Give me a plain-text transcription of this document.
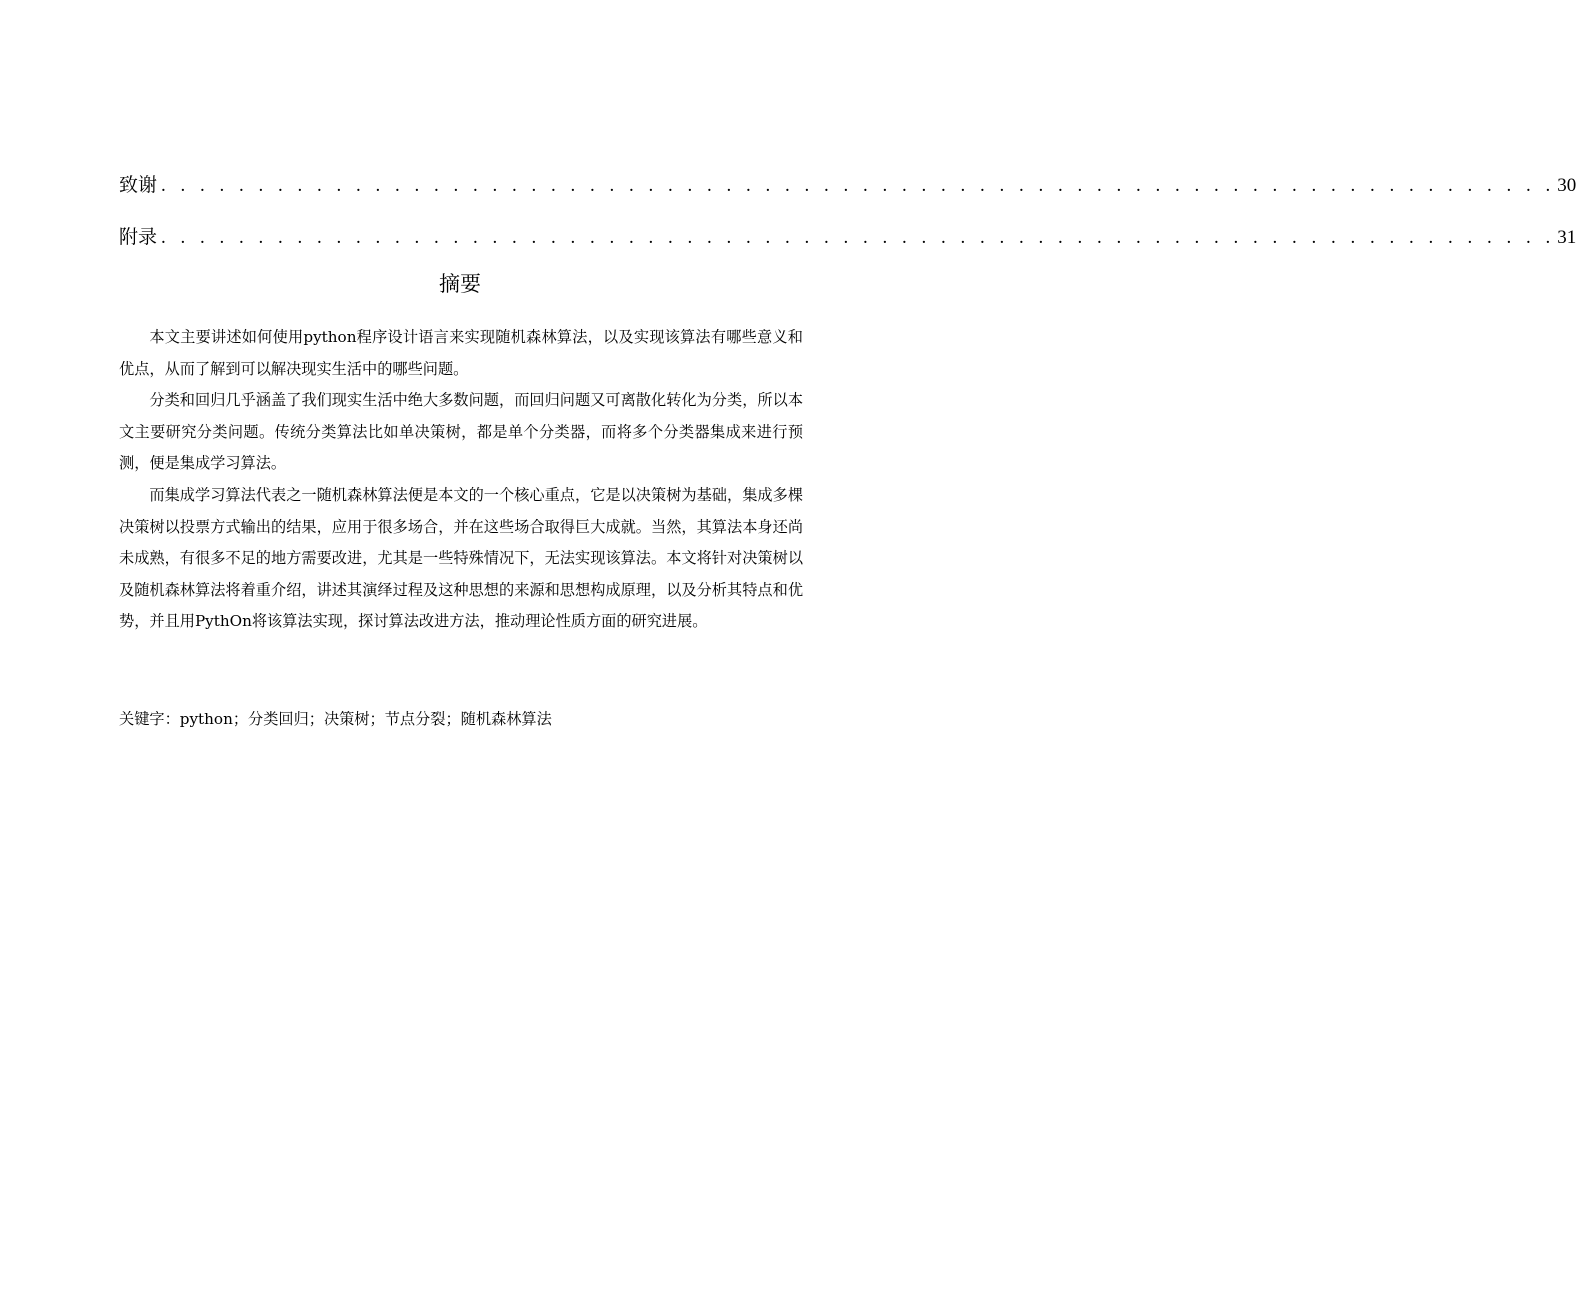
致谢 . . . . . . . . . . . . . . . . . . . . . . . . . . . . . . . . . . . . . . . . . . . . . . . . . . . . . . . . . . . . . . . . . . . . . . . . 30
附录 . . . . . . . . . . . . . . . . . . . . . . . . . . . . . . . . . . . . . . . . . . . . . . . . . . . . . . . . . . . . . . . . . . . . . . . . 31
摘要

本文主要讲述如何使用python程序设计语言来实现随机森林算法，以及实现该算法有哪些意义和优点，从而了解到可以解决现实生活中的哪些问题。

分类和回归几乎涵盖了我们现实生活中绝大多数问题，而回归问题又可离散化转化为分类，所以本文主要研究分类问题。传统分类算法比如单决策树，都是单个分类器，而将多个分类器集成来进行预测，便是集成学习算法。

而集成学习算法代表之一随机森林算法便是本文的一个核心重点，它是以决策树为基础，集成多棵决策树以投票方式输出的结果，应用于很多场合，并在这些场合取得巨大成就。当然，其算法本身还尚未成熟，有很多不足的地方需要改进，尤其是一些特殊情况下，无法实现该算法。本文将针对决策树以及随机森林算法将着重介绍，讲述其演绎过程及这种思想的来源和思想构成原理，以及分析其特点和优势，并且用PythOn将该算法实现，探讨算法改进方法，推动理论性质方面的研究进展。

关键字：python；分类回归；决策树；节点分裂；随机森林算法
